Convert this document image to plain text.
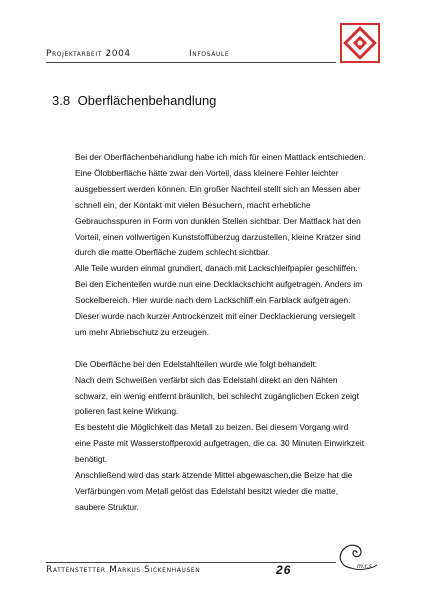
Projektarbeit 2004	Infosäule
3.8 Oberflächenbehandlung

Bei der Oberflächenbehandlung habe ich mich für einen Mattlack entschieden.

Eine Ölobberfläche hätte zwar den Vorteil, dass kleinere Fehler leichter

ausgebessert werden können. Ein großer Nachteil stellt sich an Messen aber

schnell ein, der Kontakt mit vielen Besuchern, macht erhebliche

Gebrauchsspuren in Form von dunklen Stellen sichtbar. Der Mattlack hat den

Vorteil, einen vollwertigen Kunststoffüberzug darzustellen, kleine Kratzer sind

durch die matte Oberfläche zudem schlecht sichtbar.

Alle Teile wurden einmal grundiert, danach mit Lackschleifpapier geschliffen.

Bei den Eichenteilen wurde nun eine Decklackschicht aufgetragen. Anders im

Sockelbereich. Hier wurde nach dem Lackschliff ein Farblack aufgetragen.

Dieser wurde nach kurzer Antrockenzeit mit einer Decklackierung versiegelt

um mehr Abriebschutz zu erzeugen.

Die Oberfläche bei den Edelstahlteilen wurde wie folgt behandelt:

Nach dem Schweißen verfärbt sich das Edelstahl direkt an den Nähten

schwarz, ein wenig entfernt bräunlich, bei schlecht zugänglichen Ecken zeigt

polieren fast keine Wirkung.

Es besteht die Möglichkeit das Metall zu beizen. Bei diesem Vorgang wird

eine Paste mit Wasserstoffperoxid aufgetragen, die ca. 30 Minuten Einwirkzeit

benötigt.

Anschließend wird das stark ätzende Mittel abgewaschen,die Beize hat die

Verfärbungen vom Metall gelöst das Edelstahl besitzt wieder die matte,

saubere Struktur.

Rattenstetter Markus Sickenhausen	26	m.r.s
